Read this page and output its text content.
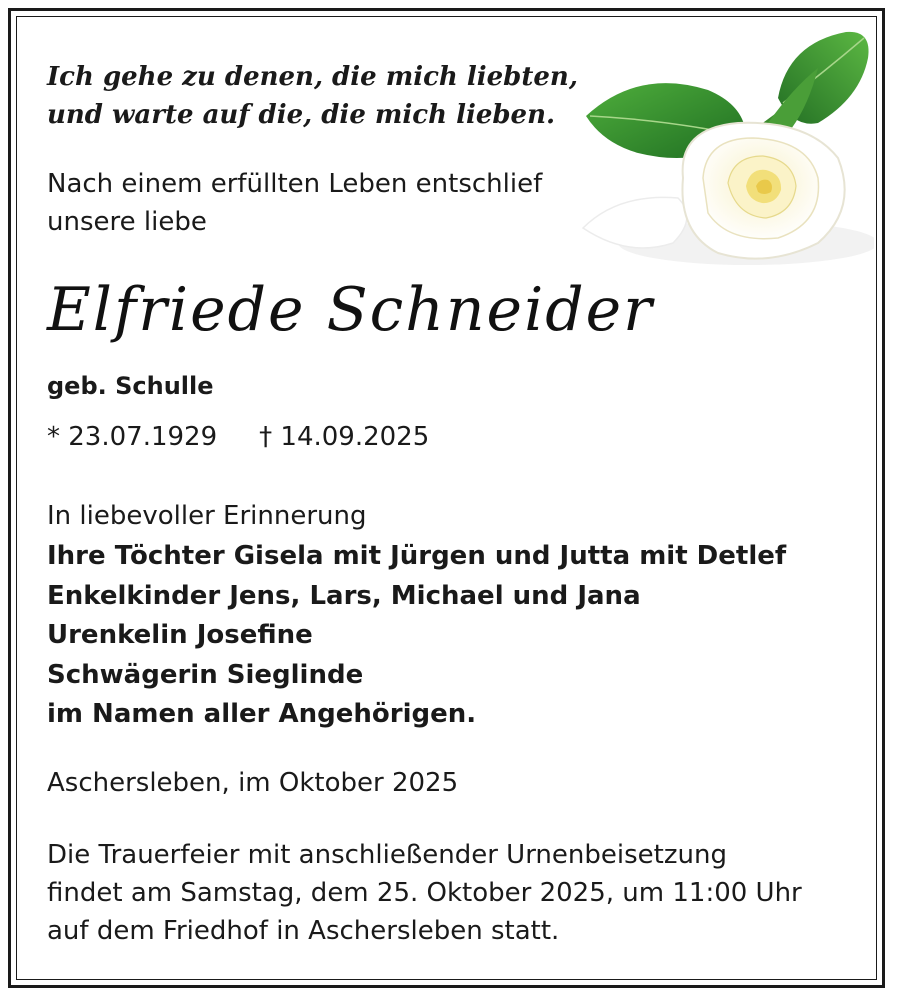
Ich gehe zu denen, die mich liebten,
und warte auf die, die mich lieben.
Nach einem erfüllten Leben entschlief
unsere liebe
Elfriede Schneider
geb. Schulle
* 23.07.1929 † 14.09.2025
In liebevoller Erinnerung
Ihre Töchter Gisela mit Jürgen und Jutta mit Detlef
Enkelkinder Jens, Lars, Michael und Jana
Urenkelin Josefine
Schwägerin Sieglinde
im Namen aller Angehörigen.
Aschersleben, im Oktober 2025
Die Trauerfeier mit anschließender Urnenbeisetzung
findet am Samstag, dem 25. Oktober 2025, um 11:00 Uhr
auf dem Friedhof in Aschersleben statt.
